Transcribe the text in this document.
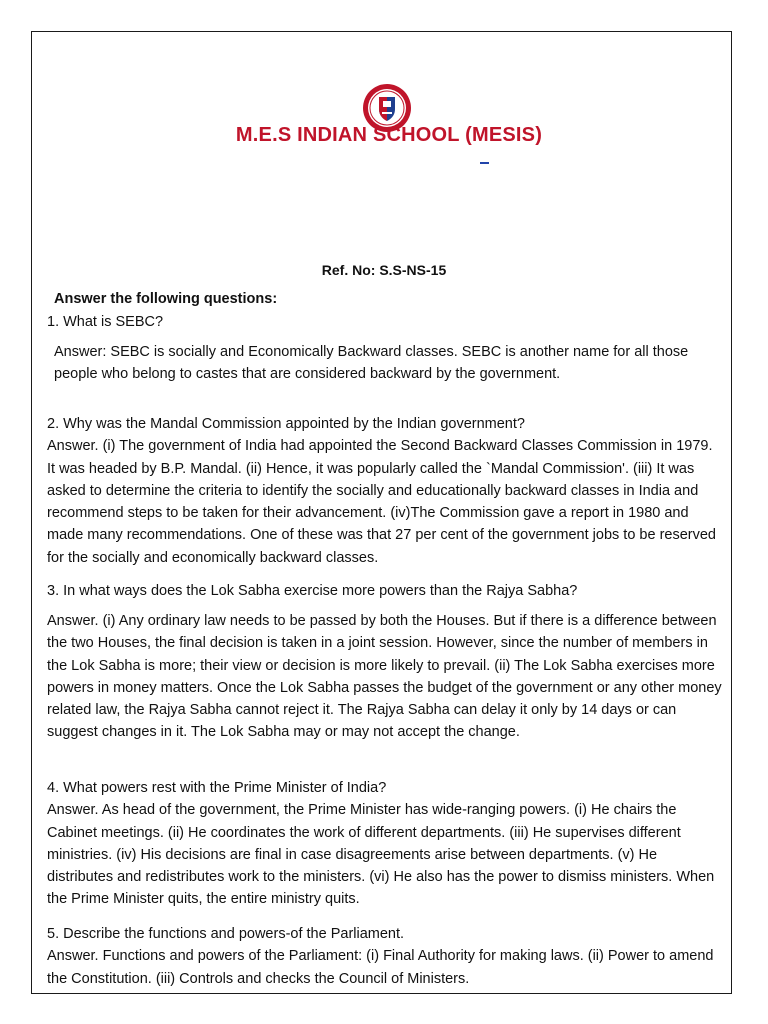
M.E.S INDIAN SCHOOL (MESIS)
Ref. No: S.S-NS-15
Answer the following questions:

1. What is SEBC?

Answer: SEBC is socially and Economically Backward classes. SEBC is another name for all those people who belong to castes that are considered backward by the government.

2. Why was the Mandal Commission appointed by the Indian government?

Answer. (i) The government of India had appointed the Second Backward Classes Commission in 1979. It was headed by B.P. Mandal. (ii) Hence, it was popularly called the `Mandal Commission'. (iii) It was asked to determine the criteria to identify the socially and educationally backward classes in India and recommend steps to be taken for their advancement. (iv)The Commission gave a report in 1980 and made many recommendations. One of these was that 27 per cent of the government jobs to be reserved for the socially and economically backward classes.

3. In what ways does the Lok Sabha exercise more powers than the Rajya Sabha?

Answer. (i) Any ordinary law needs to be passed by both the Houses. But if there is a difference between the two Houses, the final decision is taken in a joint session. However, since the number of members in the Lok Sabha is more; their view or decision is more likely to prevail. (ii) The Lok Sabha exercises more powers in money matters. Once the Lok Sabha passes the budget of the government or any other money related law, the Rajya Sabha cannot reject it. The Rajya Sabha can delay it only by 14 days or can suggest changes in it. The Lok Sabha may or may not accept the change.

4. What powers rest with the Prime Minister of India?

Answer. As head of the government, the Prime Minister has wide-ranging powers. (i) He chairs the Cabinet meetings. (ii) He coordinates the work of different departments. (iii) He supervises different ministries. (iv) His decisions are final in case disagreements arise between departments. (v) He distributes and redistributes work to the ministers. (vi) He also has the power to dismiss ministers. When the Prime Minister quits, the entire ministry quits.

5. Describe the functions and powers-of the Parliament.

Answer. Functions and powers of the Parliament: (i) Final Authority for making laws. (ii) Power to amend the Constitution. (iii) Controls and checks the Council of Ministers.
